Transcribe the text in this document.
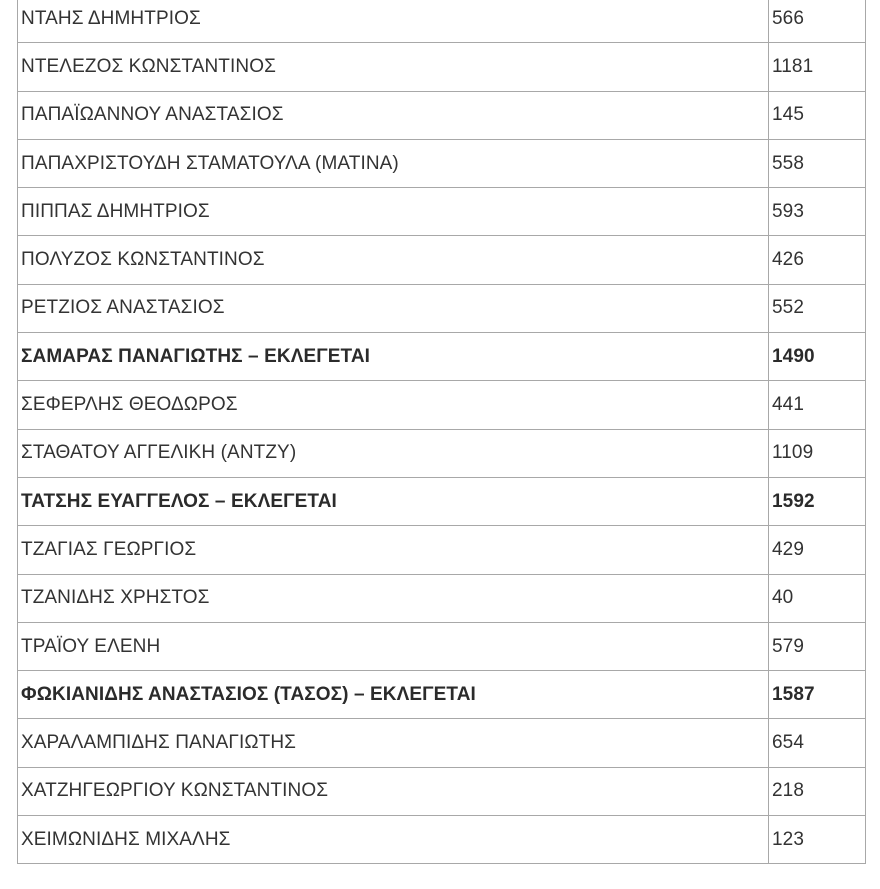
ΝΤΑΗΣ ΔΗΜΗΤΡΙΟΣ	566
ΝΤΕΛΕΖΟΣ ΚΩΝΣΤΑΝΤΙΝΟΣ	1181
ΠΑΠΑΪΩΑΝΝΟΥ ΑΝΑΣΤΑΣΙΟΣ	145
ΠΑΠΑΧΡΙΣΤΟΥΔΗ ΣΤΑΜΑΤΟΥΛΑ (ΜΑΤΙΝΑ)	558
ΠΙΠΠΑΣ ΔΗΜΗΤΡΙΟΣ	593
ΠΟΛΥΖΟΣ ΚΩΝΣΤΑΝΤΙΝΟΣ	426
ΡΕΤΖΙΟΣ ΑΝΑΣΤΑΣΙΟΣ	552
ΣΑΜΑΡΑΣ ΠΑΝΑΓΙΩΤΗΣ – ΕΚΛΕΓΕΤΑΙ	1490
ΣΕΦΕΡΛΗΣ ΘΕΟΔΩΡΟΣ	441
ΣΤΑΘΑΤΟΥ ΑΓΓΕΛΙΚΗ (ΑΝΤΖΥ)	1109
ΤΑΤΣΗΣ ΕΥΑΓΓΕΛΟΣ – ΕΚΛΕΓΕΤΑΙ	1592
ΤΖΑΓΙΑΣ ΓΕΩΡΓΙΟΣ	429
ΤΖΑΝΙΔΗΣ ΧΡΗΣΤΟΣ	40
ΤΡΑΪΟΥ ΕΛΕΝΗ	579
ΦΩΚΙΑΝΙΔΗΣ ΑΝΑΣΤΑΣΙΟΣ (ΤΑΣΟΣ) – ΕΚΛΕΓΕΤΑΙ	1587
ΧΑΡΑΛΑΜΠΙΔΗΣ ΠΑΝΑΓΙΩΤΗΣ	654
ΧΑΤΖΗΓΕΩΡΓΙΟΥ ΚΩΝΣΤΑΝΤΙΝΟΣ	218
ΧΕΙΜΩΝΙΔΗΣ ΜΙΧΑΛΗΣ	123
